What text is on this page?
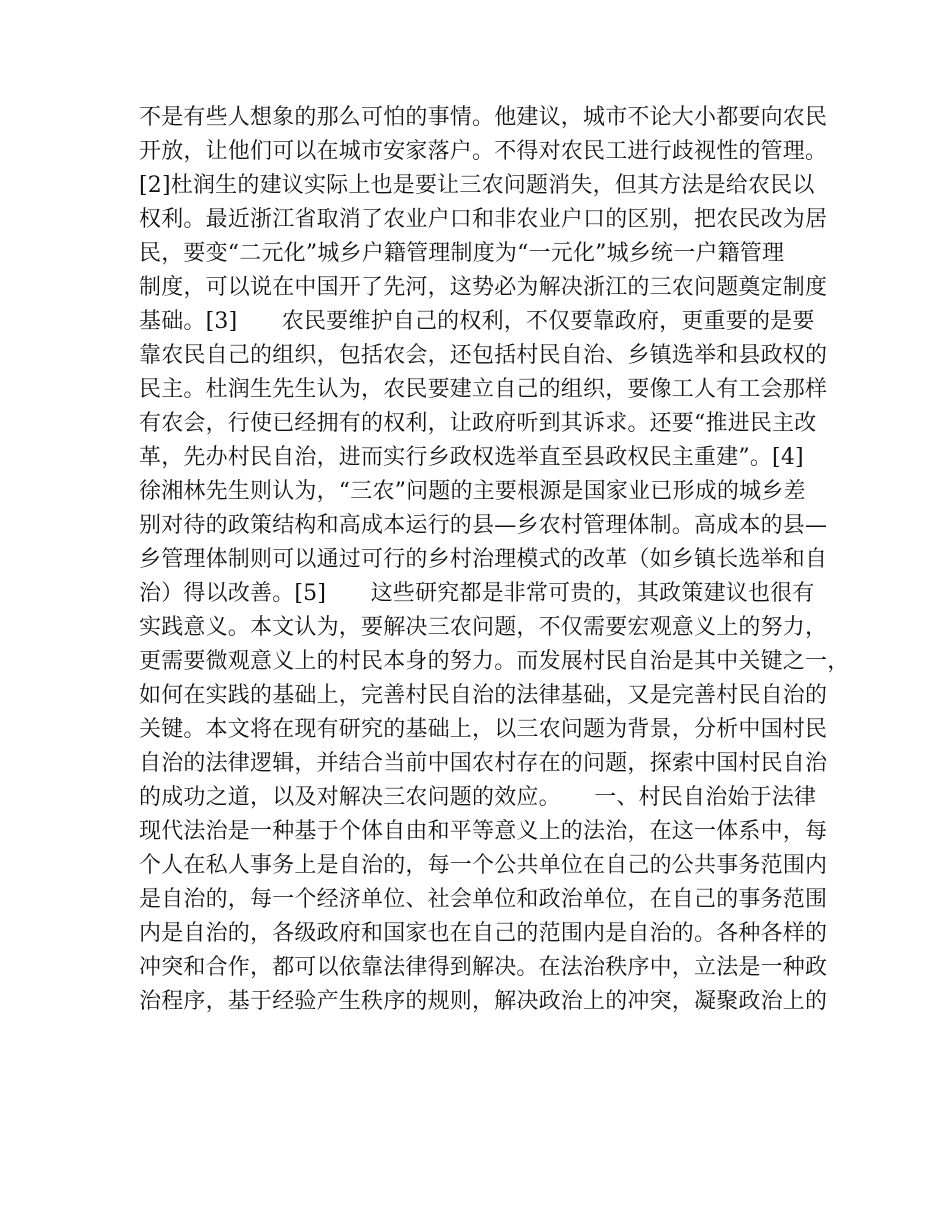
不是有些人想象的那么可怕的事情。他建议，城市不论大小都要向农民
开放，让他们可以在城市安家落户。不得对农民工进行歧视性的管理。
[2]杜润生的建议实际上也是要让三农问题消失，但其方法是给农民以
权利。最近浙江省取消了农业户口和非农业户口的区别，把农民改为居
民，要变“二元化”城乡户籍管理制度为“一元化”城乡统一户籍管理
制度，可以说在中国开了先河，这势必为解决浙江的三农问题奠定制度
基础。[3]　　农民要维护自己的权利，不仅要靠政府，更重要的是要
靠农民自己的组织，包括农会，还包括村民自治、乡镇选举和县政权的
民主。杜润生先生认为，农民要建立自己的组织，要像工人有工会那样
有农会，行使已经拥有的权利，让政府听到其诉求。还要“推进民主改
革，先办村民自治，进而实行乡政权选举直至县政权民主重建”。[4]
徐湘林先生则认为，“三农”问题的主要根源是国家业已形成的城乡差
别对待的政策结构和高成本运行的县—乡农村管理体制。高成本的县—
乡管理体制则可以通过可行的乡村治理模式的改革（如乡镇长选举和自
治）得以改善。[5]　　这些研究都是非常可贵的，其政策建议也很有
实践意义。本文认为，要解决三农问题，不仅需要宏观意义上的努力，
更需要微观意义上的村民本身的努力。而发展村民自治是其中关键之一，
如何在实践的基础上，完善村民自治的法律基础，又是完善村民自治的
关键。本文将在现有研究的基础上，以三农问题为背景，分析中国村民
自治的法律逻辑，并结合当前中国农村存在的问题，探索中国村民自治
的成功之道，以及对解决三农问题的效应。　　一、村民自治始于法律
现代法治是一种基于个体自由和平等意义上的法治，在这一体系中，每
个人在私人事务上是自治的，每一个公共单位在自己的公共事务范围内
是自治的，每一个经济单位、社会单位和政治单位，在自己的事务范围
内是自治的，各级政府和国家也在自己的范围内是自治的。各种各样的
冲突和合作，都可以依靠法律得到解决。在法治秩序中，立法是一种政
治程序，基于经验产生秩序的规则，解决政治上的冲突，凝聚政治上的
